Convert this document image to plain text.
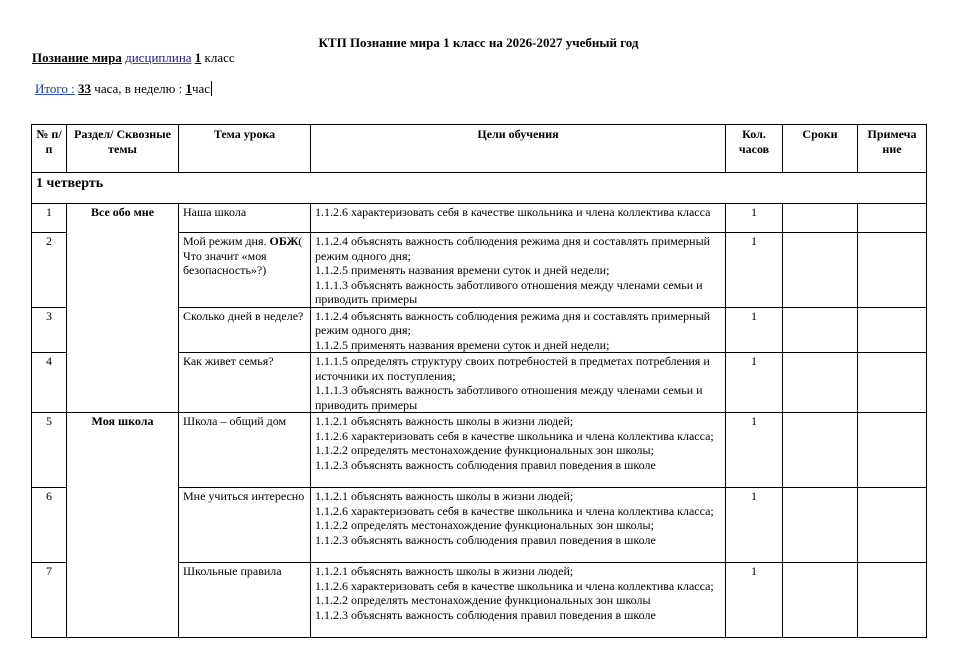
КТП Познание мира 1 класс на 2026-2027 учебный год
Познание мира дисциплина 1 класс
Итого : 33 часа, в неделю : 1час
№ п/п	Раздел/ Сквозные темы	Тема урока	Цели обучения	Кол. часов	Сроки	Примеча ние
1 четверть						
1	Все обо мне	Наша школа	1.1.2.6 характеризовать себя в качестве школьника и члена коллектива класса	1		
2		Мой режим дня. ОБЖ( Что значит «моя безопасность»?)	1.1.2.4 объяснять важность соблюдения режима дня и составлять примерный режим одного дня;
1.1.2.5 применять названия времени суток и дней недели;
1.1.1.3 объяснять важность заботливого отношения между членами семьи и приводить примеры	1		
3		Сколько дней в неделе?	1.1.2.4 объяснять важность соблюдения режима дня и составлять примерный режим одного дня;
1.1.2.5 применять названия времени суток и дней недели;	1		
4		Как живет семья?	1.1.1.5 определять структуру своих потребностей в предметах потребления и источники их поступления;
1.1.1.3 объяснять важность заботливого отношения между членами семьи и приводить примеры	1		
5	Моя школа	Школа – общий дом	1.1.2.1 объяснять важность школы в жизни людей;
1.1.2.6 характеризовать себя в качестве школьника и члена коллектива класса;
1.1.2.2 определять местонахождение функциональных зон школы;
1.1.2.3 объяснять важность соблюдения правил поведения в школе	1		
6		Мне учиться интересно	1.1.2.1 объяснять важность школы в жизни людей;
1.1.2.6 характеризовать себя в качестве школьника и члена коллектива класса;
1.1.2.2 определять местонахождение функциональных зон школы;
1.1.2.3 объяснять важность соблюдения правил поведения в школе	1		
7		Школьные правила	1.1.2.1 объяснять важность школы в жизни людей;
1.1.2.6 характеризовать себя в качестве школьника и члена коллектива класса;
1.1.2.2 определять местонахождение функциональных зон школы
1.1.2.3 объяснять важность соблюдения правил поведения в школе	1		
